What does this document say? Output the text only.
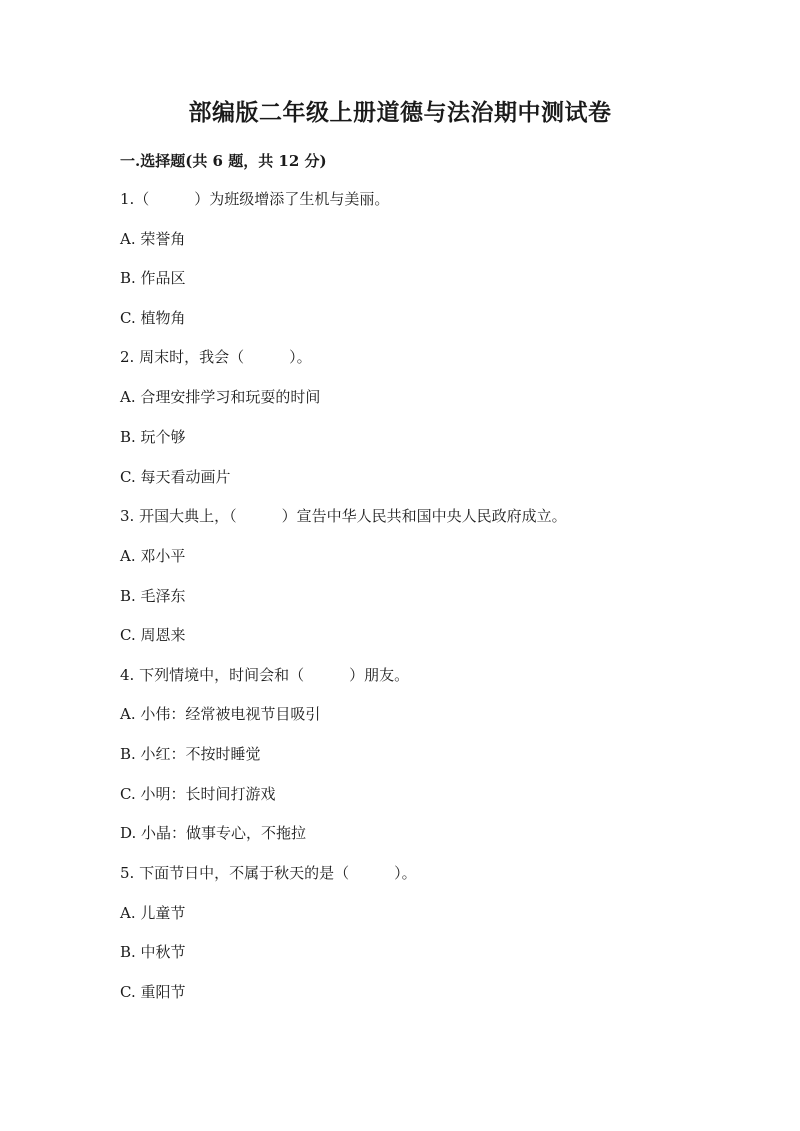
部编版二年级上册道德与法治期中测试卷
一.选择题(共 6 题，共 12 分)
1.（　　　）为班级增添了生机与美丽。
A. 荣誉角
B. 作品区
C. 植物角
2. 周末时，我会（　　　）。
A. 合理安排学习和玩耍的时间
B. 玩个够
C. 每天看动画片
3. 开国大典上，（　　　）宣告中华人民共和国中央人民政府成立。
A. 邓小平
B. 毛泽东
C. 周恩来
4. 下列情境中，时间会和（　　　）朋友。
A. 小伟：经常被电视节目吸引
B. 小红：不按时睡觉
C. 小明：长时间打游戏
D. 小晶：做事专心，不拖拉
5. 下面节日中，不属于秋天的是（　　　）。
A. 儿童节
B. 中秋节
C. 重阳节
